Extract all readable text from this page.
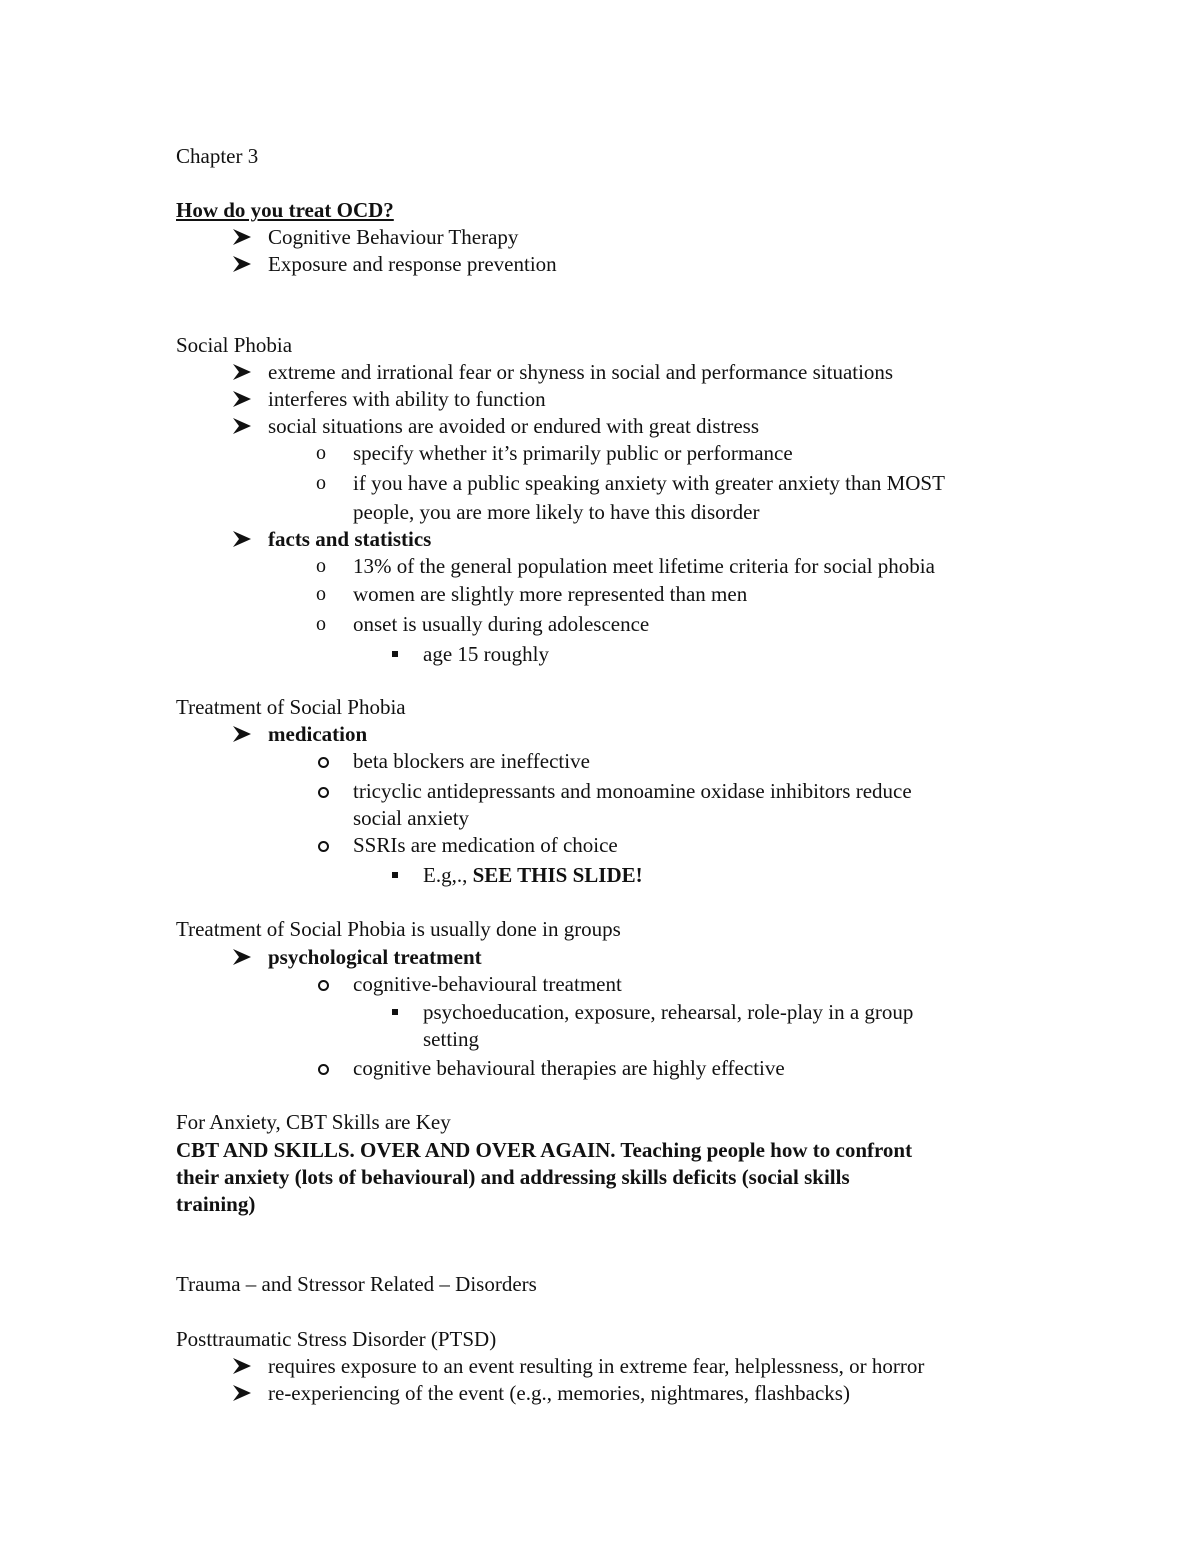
Chapter 3
How do you treat OCD?
Cognitive Behaviour Therapy
Exposure and response prevention
Social Phobia
extreme and irrational fear or shyness in social and performance situations
interferes with ability to function
social situations are avoided or endured with great distress
o specify whether it’s primarily public or performance
o if you have a public speaking anxiety with greater anxiety than MOST
people, you are more likely to have this disorder
facts and statistics
o 13% of the general population meet lifetime criteria for social phobia
o women are slightly more represented than men
o onset is usually during adolescence
age 15 roughly
Treatment of Social Phobia
medication
beta blockers are ineffective
tricyclic antidepressants and monoamine oxidase inhibitors reduce
social anxiety
SSRIs are medication of choice
E.g,., SEE THIS SLIDE!
Treatment of Social Phobia is usually done in groups
psychological treatment
cognitive-behavioural treatment
psychoeducation, exposure, rehearsal, role-play in a group
setting
cognitive behavioural therapies are highly effective
For Anxiety, CBT Skills are Key
CBT AND SKILLS. OVER AND OVER AGAIN. Teaching people how to confront
their anxiety (lots of behavioural) and addressing skills deficits (social skills
training)
Trauma – and Stressor Related – Disorders
Posttraumatic Stress Disorder (PTSD)
requires exposure to an event resulting in extreme fear, helplessness, or horror
re-experiencing of the event (e.g., memories, nightmares, flashbacks)
